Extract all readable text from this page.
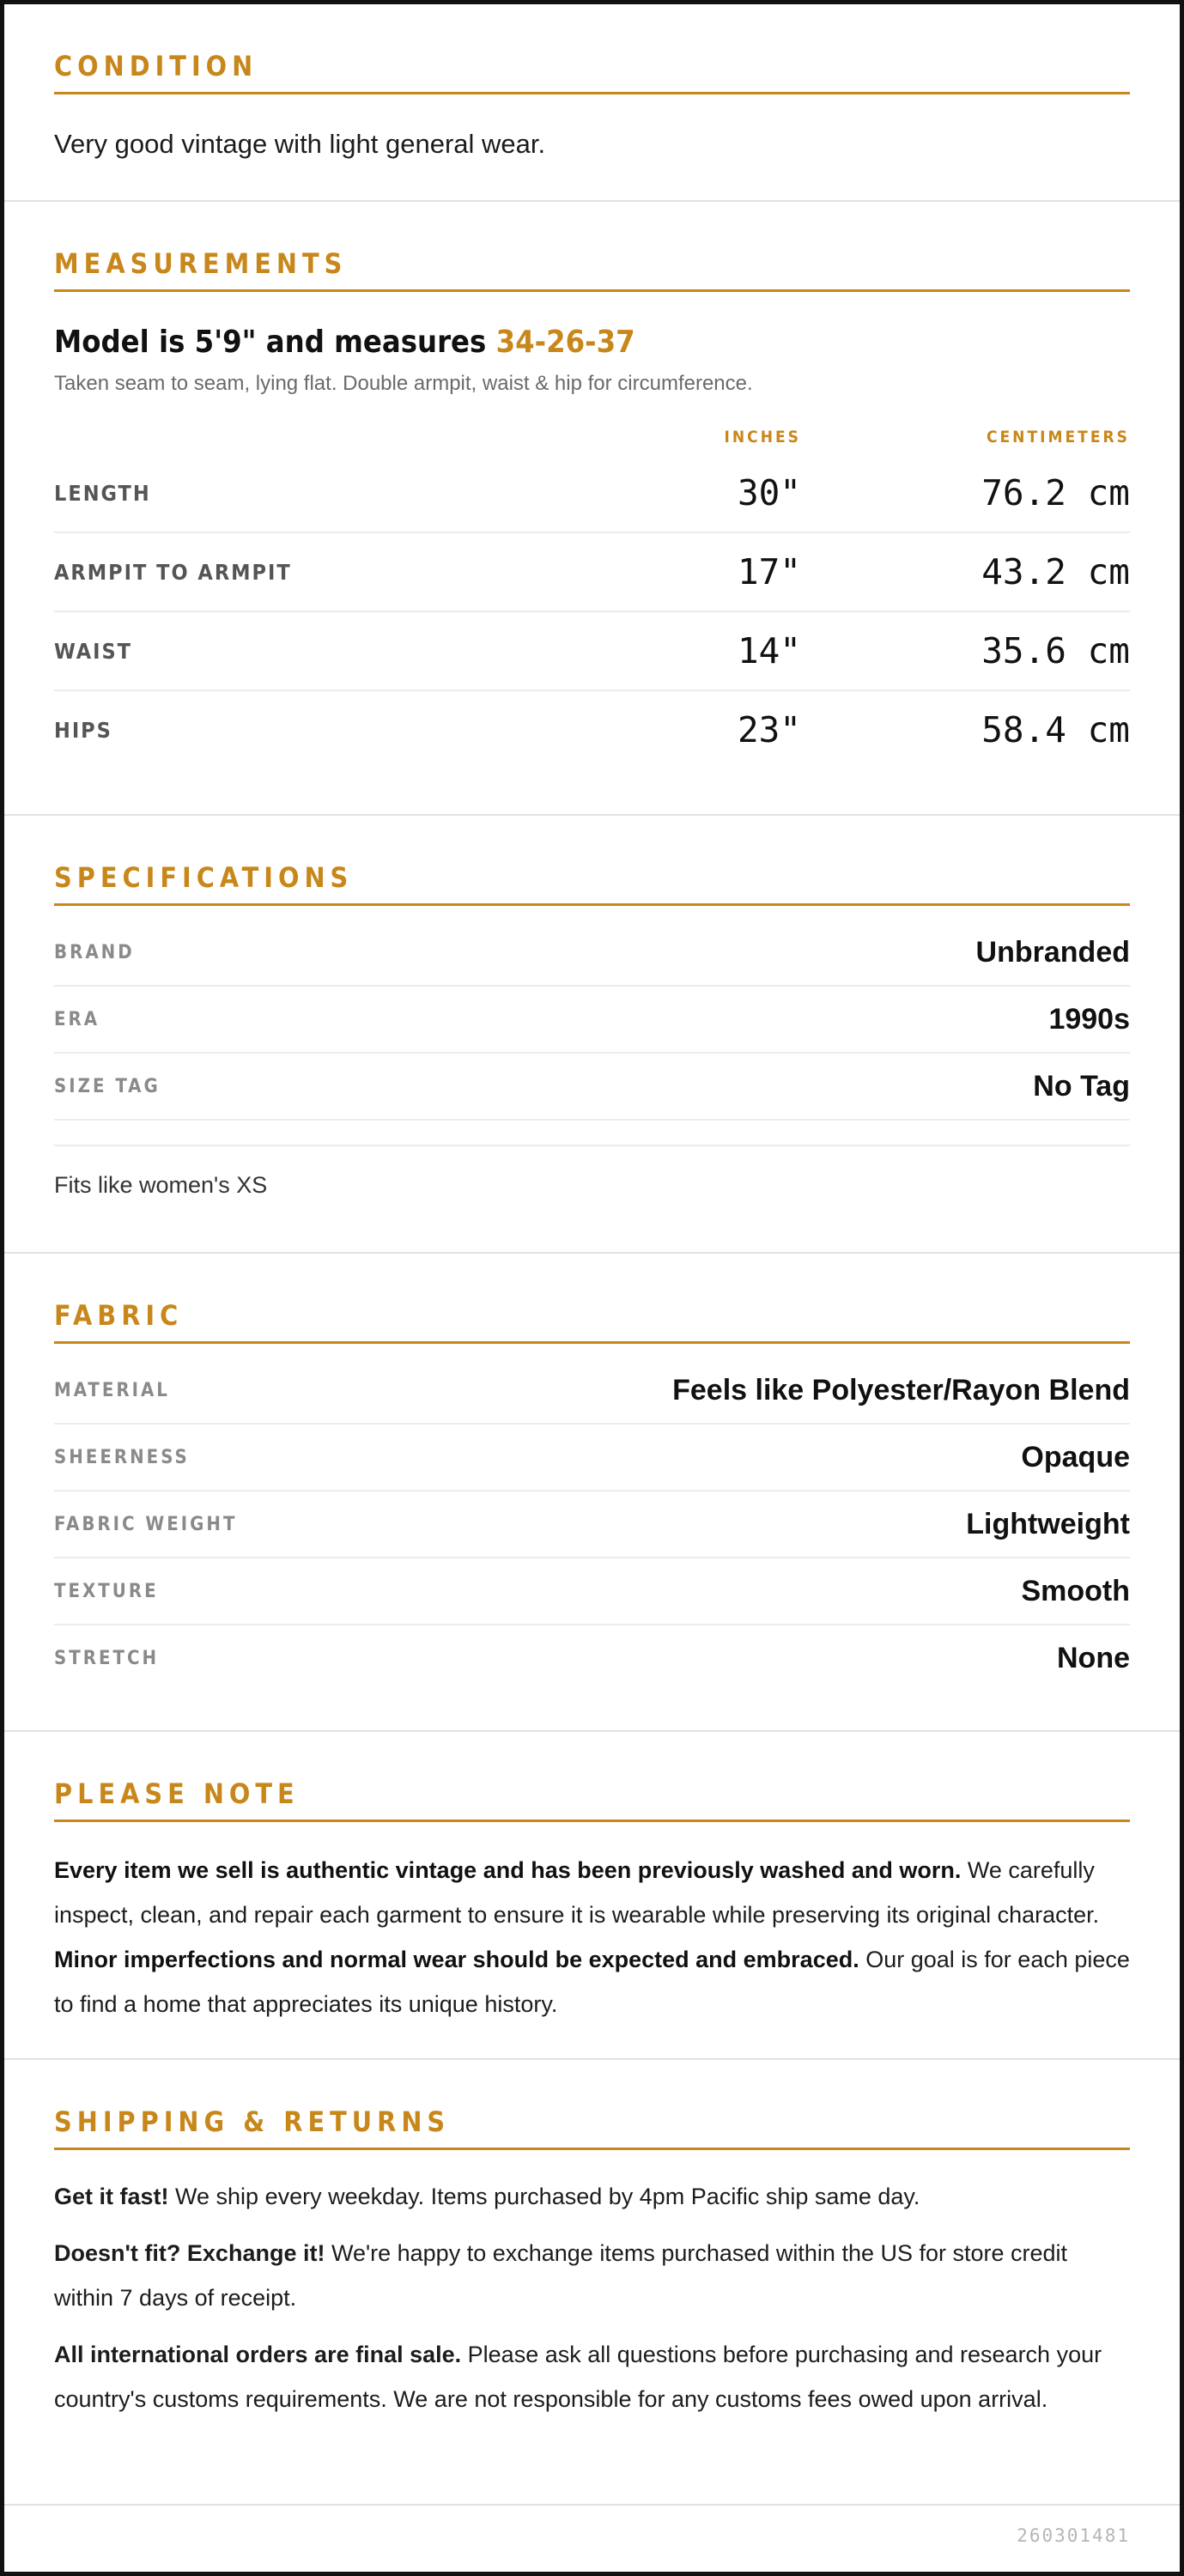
CONDITION
Very good vintage with light general wear.
MEASUREMENTS
Model is 5'9" and measures 34-26-37
Taken seam to seam, lying flat. Double armpit, waist & hip for circumference.
INCHES	CENTIMETERS
LENGTH	30"	76.2 cm
ARMPIT TO ARMPIT	17"	43.2 cm
WAIST	14"	35.6 cm
HIPS	23"	58.4 cm
SPECIFICATIONS
BRAND	Unbranded
ERA	1990s
SIZE TAG	No Tag
Fits like women's XS
FABRIC
MATERIAL	Feels like Polyester/Rayon Blend
SHEERNESS	Opaque
FABRIC WEIGHT	Lightweight
TEXTURE	Smooth
STRETCH	None
PLEASE NOTE

Every item we sell is authentic vintage and has been previously washed and worn. We carefully inspect, clean, and repair each garment to ensure it is wearable while preserving its original character. Minor imperfections and normal wear should be expected and embraced. Our goal is for each piece to find a home that appreciates its unique history.

SHIPPING & RETURNS

Get it fast! We ship every weekday. Items purchased by 4pm Pacific ship same day.

Doesn't fit? Exchange it! We're happy to exchange items purchased within the US for store credit within 7 days of receipt.

All international orders are final sale. Please ask all questions before purchasing and research your country's customs requirements. We are not responsible for any customs fees owed upon arrival.

260301481
